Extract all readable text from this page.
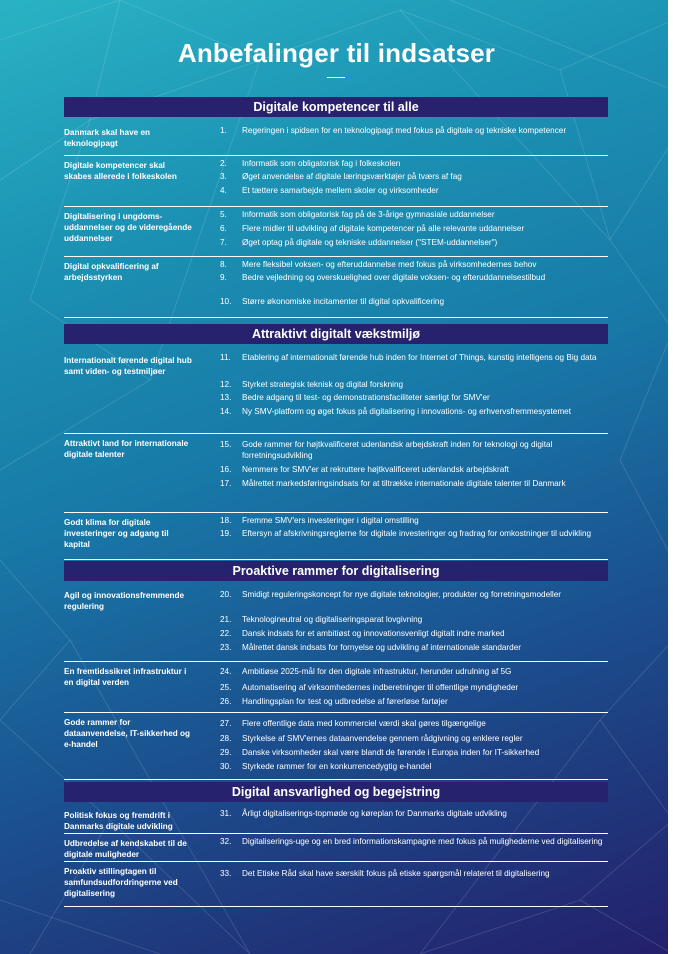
Anbefalinger til indsatser
Digitale kompetencer til alle
Danmark skal have en teknologipagt
1.	Regeringen i spidsen for en teknologipagt med fokus på digitale og tekniske kompetencer
Digitale kompetencer skal skabes allerede i folkeskolen
2.	Informatik som obligatorisk fag i folkeskolen
3.	Øget anvendelse af digitale læringsværktøjer på tværs af fag
4.	Et tættere samarbejde mellem skoler og virksomheder
Digitalisering i ungdoms-uddannelser og de videregående uddannelser
5.	Informatik som obligatorisk fag på de 3-årige gymnasiale uddannelser
6.	Flere midler til udvikling af digitale kompetencer på alle relevante uddannelser
7.	Øget optag på digitale og tekniske uddannelser ("STEM-uddannelser")
Digital opkvalificering af arbejdsstyrken
8.	Mere fleksibel voksen- og efteruddannelse med fokus på virksomhedernes behov
9.	Bedre vejledning og overskuelighed over digitale voksen- og efteruddannelsestilbud
10.	Større økonomiske incitamenter til digital opkvalificering
Attraktivt digitalt vækstmiljø
Internationalt førende digital hub samt viden- og testmiljøer
11.	Etablering af internationalt førende hub inden for Internet of Things, kunstig intelligens og Big data
12.	Styrket strategisk teknisk og digital forskning
13.	Bedre adgang til test- og demonstrationsfaciliteter særligt for SMV'er
14.	Ny SMV-platform og øget fokus på digitalisering i innovations- og erhvervsfremmesystemet
Attraktivt land for internationale digitale talenter
15.	Gode rammer for højtkvalificeret udenlandsk arbejdskraft inden for teknologi og digital forretningsudvikling
16.	Nemmere for SMV'er at rekruttere højtkvalificeret udenlandsk arbejdskraft
17.	Målrettet markedsføringsindsats for at tiltrække internationale digitale talenter til Danmark
Godt klima for digitale investeringer og adgang til kapital
18.	Fremme SMV'ers investeringer i digital omstilling
19.	Eftersyn af afskrivningsreglerne for digitale investeringer og fradrag for omkostninger til udvikling
Proaktive rammer for digitalisering
Agil og innovationsfremmende regulering
20.	Smidigt reguleringskoncept for nye digitale teknologier, produkter og forretningsmodeller
21.	Teknologineutral og digitaliseringsparat lovgivning
22.	Dansk indsats for et ambitiøst og innovationsvenligt digitalt indre marked
23.	Målrettet dansk indsats for fornyelse og udvikling af internationale standarder
En fremtidssikret infrastruktur i en digital verden
24.	Ambitiøse 2025-mål for den digitale infrastruktur, herunder udrulning af 5G
25.	Automatisering af virksomhedernes indberetninger til offentlige myndigheder
26.	Handlingsplan for test og udbredelse af førerløse fartøjer
Gode rammer for dataanvendelse, IT-sikkerhed og e-handel
27.	Flere offentlige data med kommerciel værdi skal gøres tilgængelige
28.	Styrkelse af SMV'ernes dataanvendelse gennem rådgivning og enklere regler
29.	Danske virksomheder skal være blandt de førende i Europa inden for IT-sikkerhed
30.	Styrkede rammer for en konkurrencedygtig e-handel
Digital ansvarlighed og begejstring
Politisk fokus og fremdrift i Danmarks digitale udvikling
31.	Årligt digitaliserings-topmøde og køreplan for Danmarks digitale udvikling
Udbredelse af kendskabet til de digitale muligheder
32.	Digitaliserings-uge og en bred informationskampagne med fokus på mulighederne ved digitalisering
Proaktiv stillingtagen til samfundsudfordringerne ved digitalisering
33.	Det Etiske Råd skal have særskilt fokus på etiske spørgsmål relateret til digitalisering
